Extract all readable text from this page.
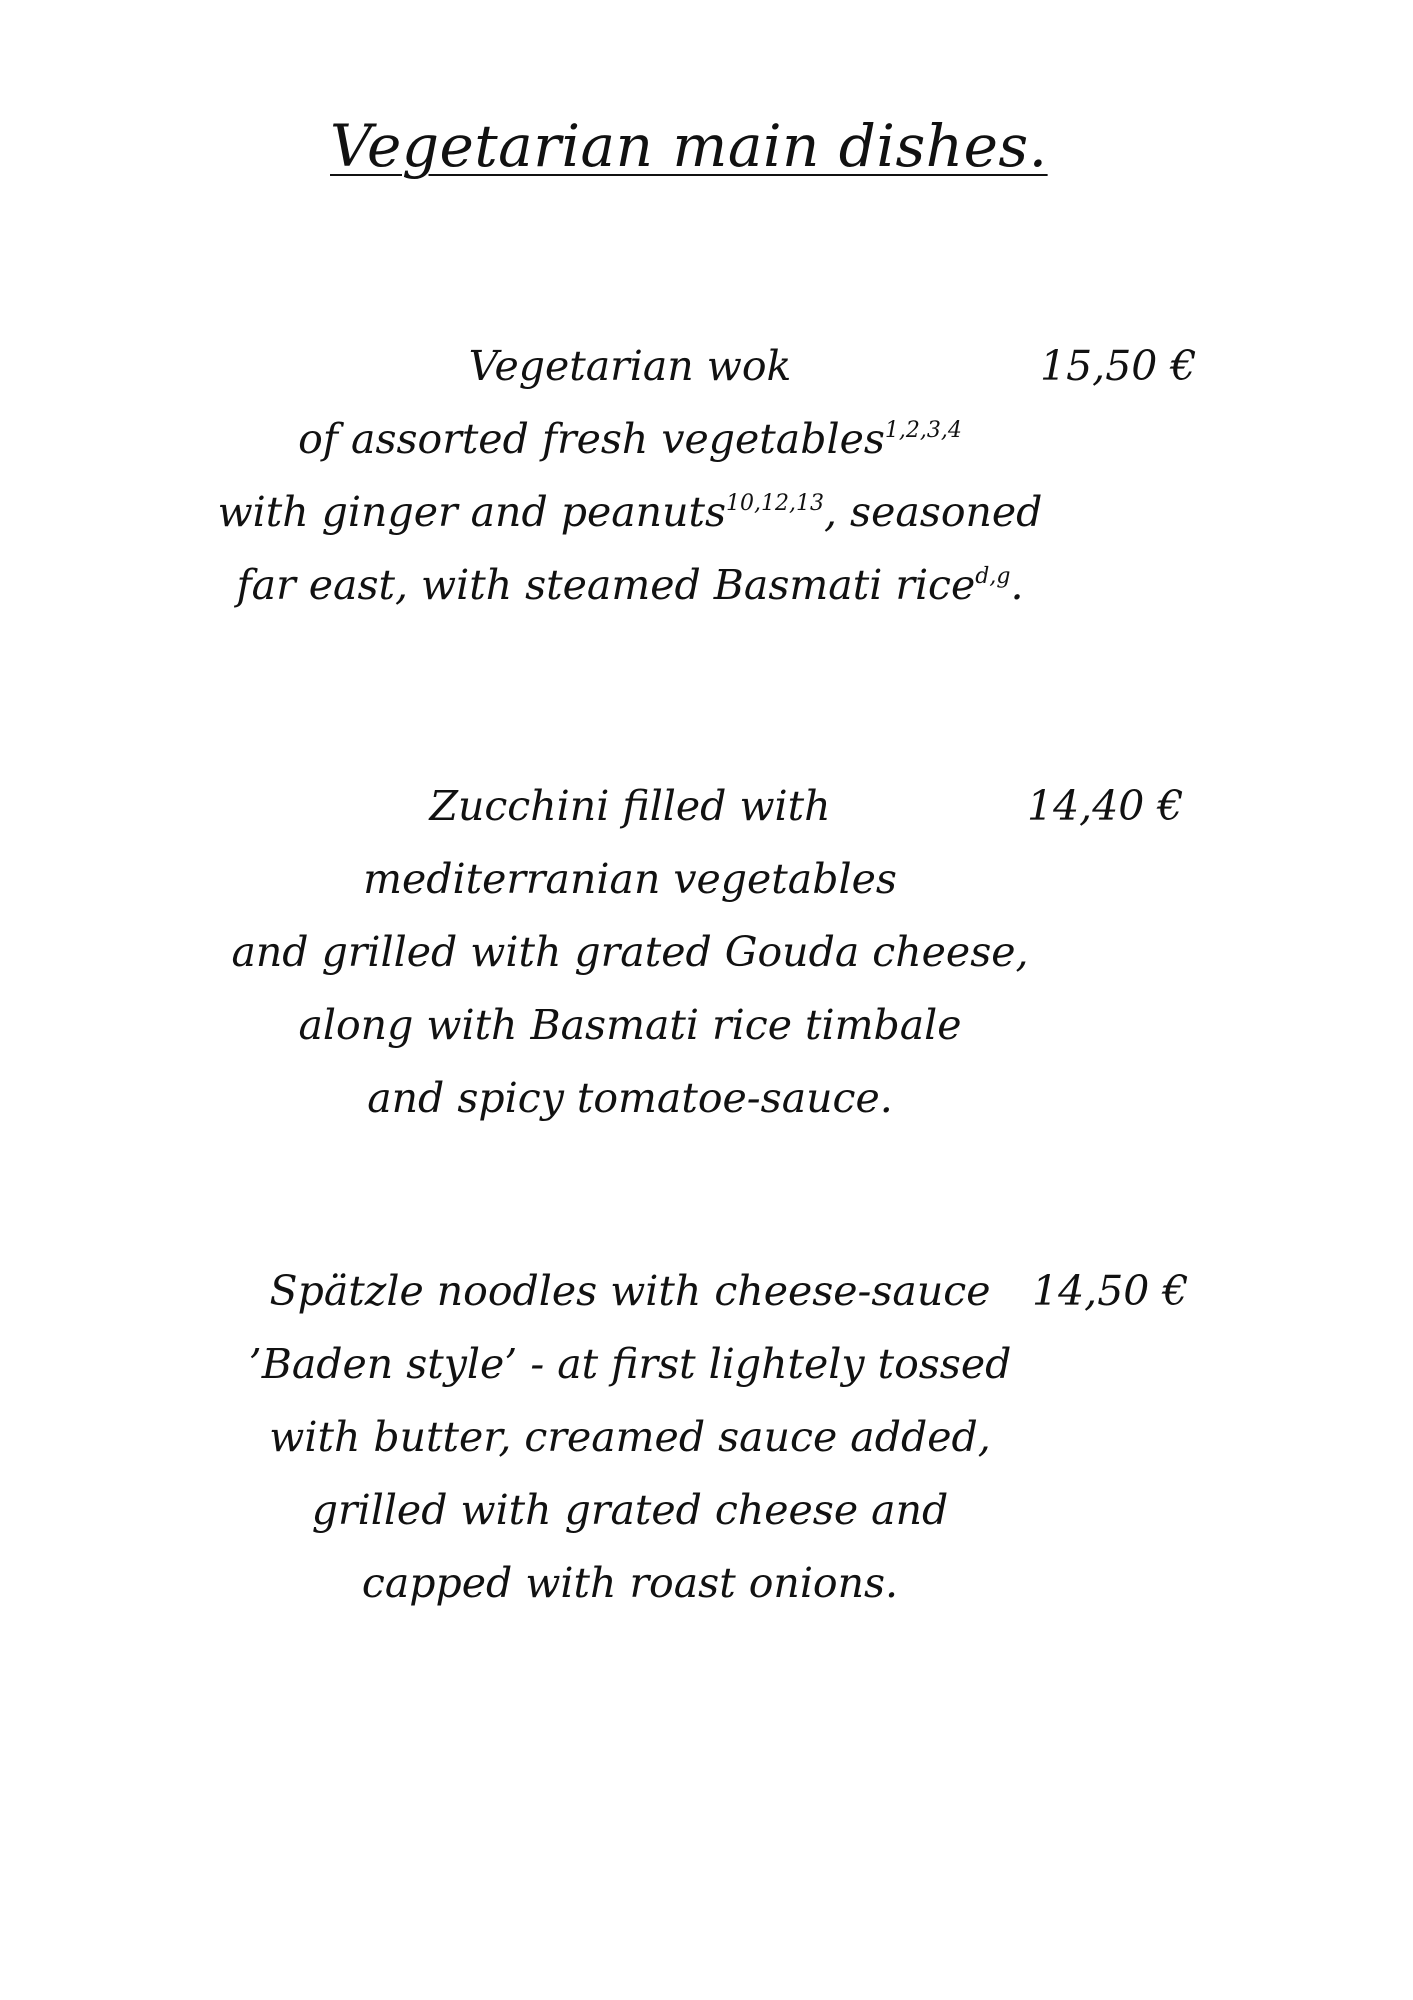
Vegetarian main dishes.
Vegetarian wok
of assorted fresh vegetables$^{1,2,3,4}$
with ginger and peanuts$^{10,12,13}$, seasoned
far east, with steamed Basmati rice$^{d,g}$.
15,50 €
Zucchini filled with
mediterranian vegetables
and grilled with grated Gouda cheese,
along with Basmati rice timbale
and spicy tomatoe-sauce.
14,40 €
Spätzle noodles with cheese-sauce
’Baden style’ - at first lightely tossed
with butter, creamed sauce added,
grilled with grated cheese and
capped with roast onions.
14,50 €
